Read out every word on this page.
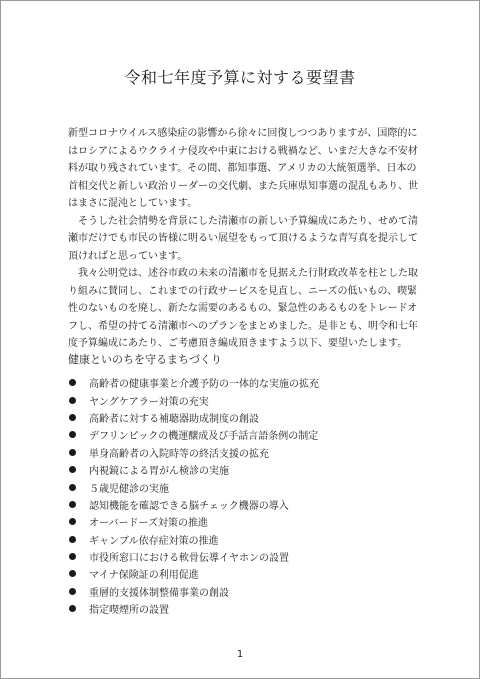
令和七年度予算に対する要望書

新型コロナウイルス感染症の影響から徐々に回復しつつありますが、国際的にはロシアによるウクライナ侵攻や中東における戦禍など、いまだ大きな不安材料が取り残されています。その間、都知事選、アメリカの大統領選挙、日本の首相交代と新しい政治リーダーの交代劇、また兵庫県知事選の混乱もあり、世はまさに混沌としています。

そうした社会情勢を背景にした清瀬市の新しい予算編成にあたり、せめて清瀬市だけでも市民の皆様に明るい展望をもって頂けるような青写真を提示して頂ければと思っています。

我々公明党は、述谷市政の未来の清瀬市を見据えた行財政改革を柱とした取り組みに賛同し、これまでの行政サービスを見直し、ニーズの低いもの、喫緊性のないものを廃し、新たな需要のあるもの、緊急性のあるものをトレードオフし、希望の持てる清瀬市へのプランをまとめました。是非とも、明令和七年度予算編成にあたり、ご考慮頂き編成頂きますよう以下、要望いたします。

健康といのちを守るまちづくり
高齢者の健康事業と介護予防の一体的な実施の拡充
ヤングケアラー対策の充実
高齢者に対する補聴器助成制度の創設
デフリンピックの機運醸成及び手話言語条例の制定
単身高齢者の入院時等の終活支援の拡充
内視鏡による胃がん検診の実施
５歳児健診の実施
認知機能を確認できる脳チェック機器の導入
オーバードーズ対策の推進
ギャンブル依存症対策の推進
市役所窓口における軟骨伝導イヤホンの設置
マイナ保険証の利用促進
重層的支援体制整備事業の創設
指定喫煙所の設置
1
